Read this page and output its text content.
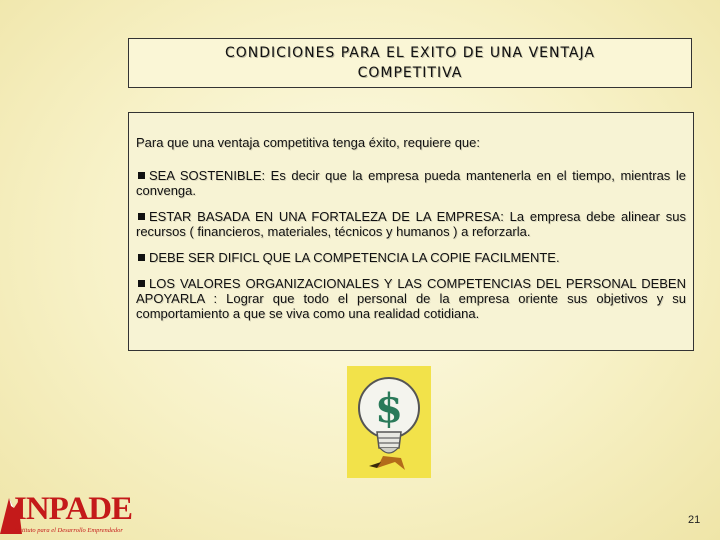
CONDICIONES PARA EL EXITO DE UNA VENTAJA
COMPETITIVA

Para que una ventaja competitiva tenga éxito, requiere que:

SEA SOSTENIBLE: Es decir que la empresa pueda mantenerla en el tiempo, mientras le convenga.

ESTAR BASADA EN UNA FORTALEZA DE LA EMPRESA: La empresa debe alinear sus recursos ( financieros, materiales, técnicos y humanos ) a reforzarla.

DEBE SER DIFICL QUE LA COMPETENCIA LA COPIE FACILMENTE.

LOS VALORES ORGANIZACIONALES Y LAS COMPETENCIAS DEL PERSONAL DEBEN APOYARLA : Lograr que todo el personal de la empresa oriente sus objetivos y su comportamiento a que se viva como una realidad cotidiana.

$
INPADE
Instituto para el Desarrollo Emprendedor
21
